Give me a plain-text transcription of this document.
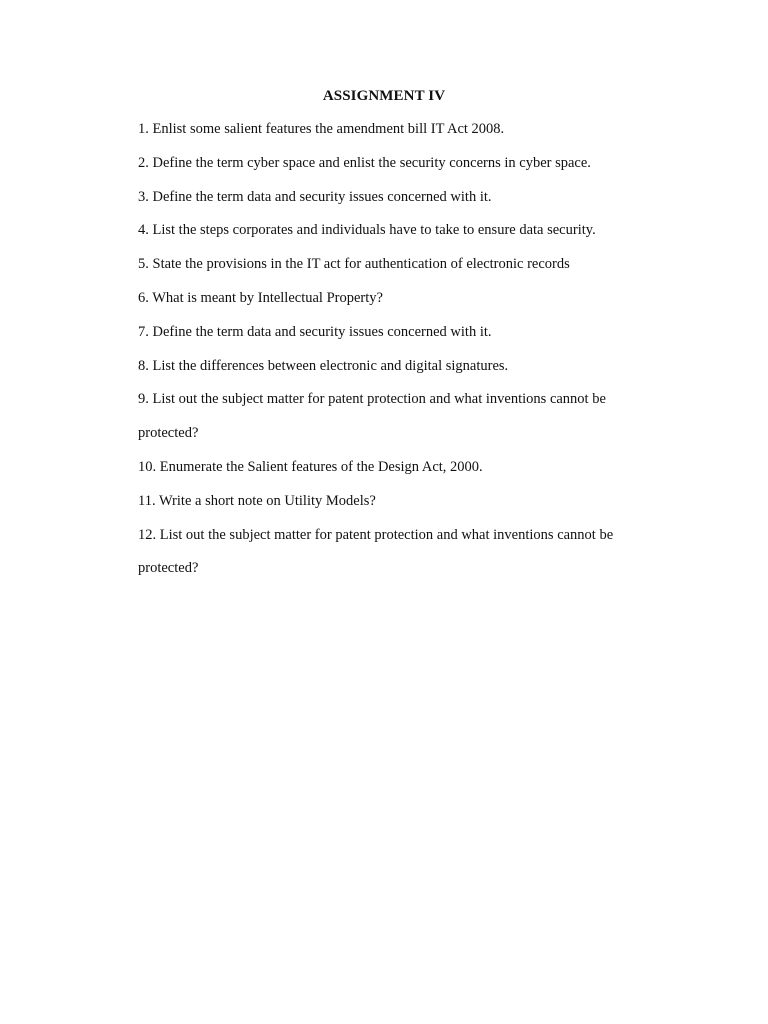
ASSIGNMENT IV
1. Enlist some salient features the amendment bill IT Act 2008.
2. Define the term cyber space and enlist the security concerns in cyber space.
3. Define the term data and security issues concerned with it.
4. List the steps corporates and individuals have to take to ensure data security.
5. State the provisions in the IT act for authentication of electronic records
6. What is meant by Intellectual Property?
7. Define the term data and security issues concerned with it.
8. List the differences between electronic and digital signatures.
9. List out the subject matter for patent protection and what inventions cannot be
protected?
10. Enumerate the Salient features of the Design Act, 2000.
11. Write a short note on Utility Models?
12. List out the subject matter for patent protection and what inventions cannot be
protected?
